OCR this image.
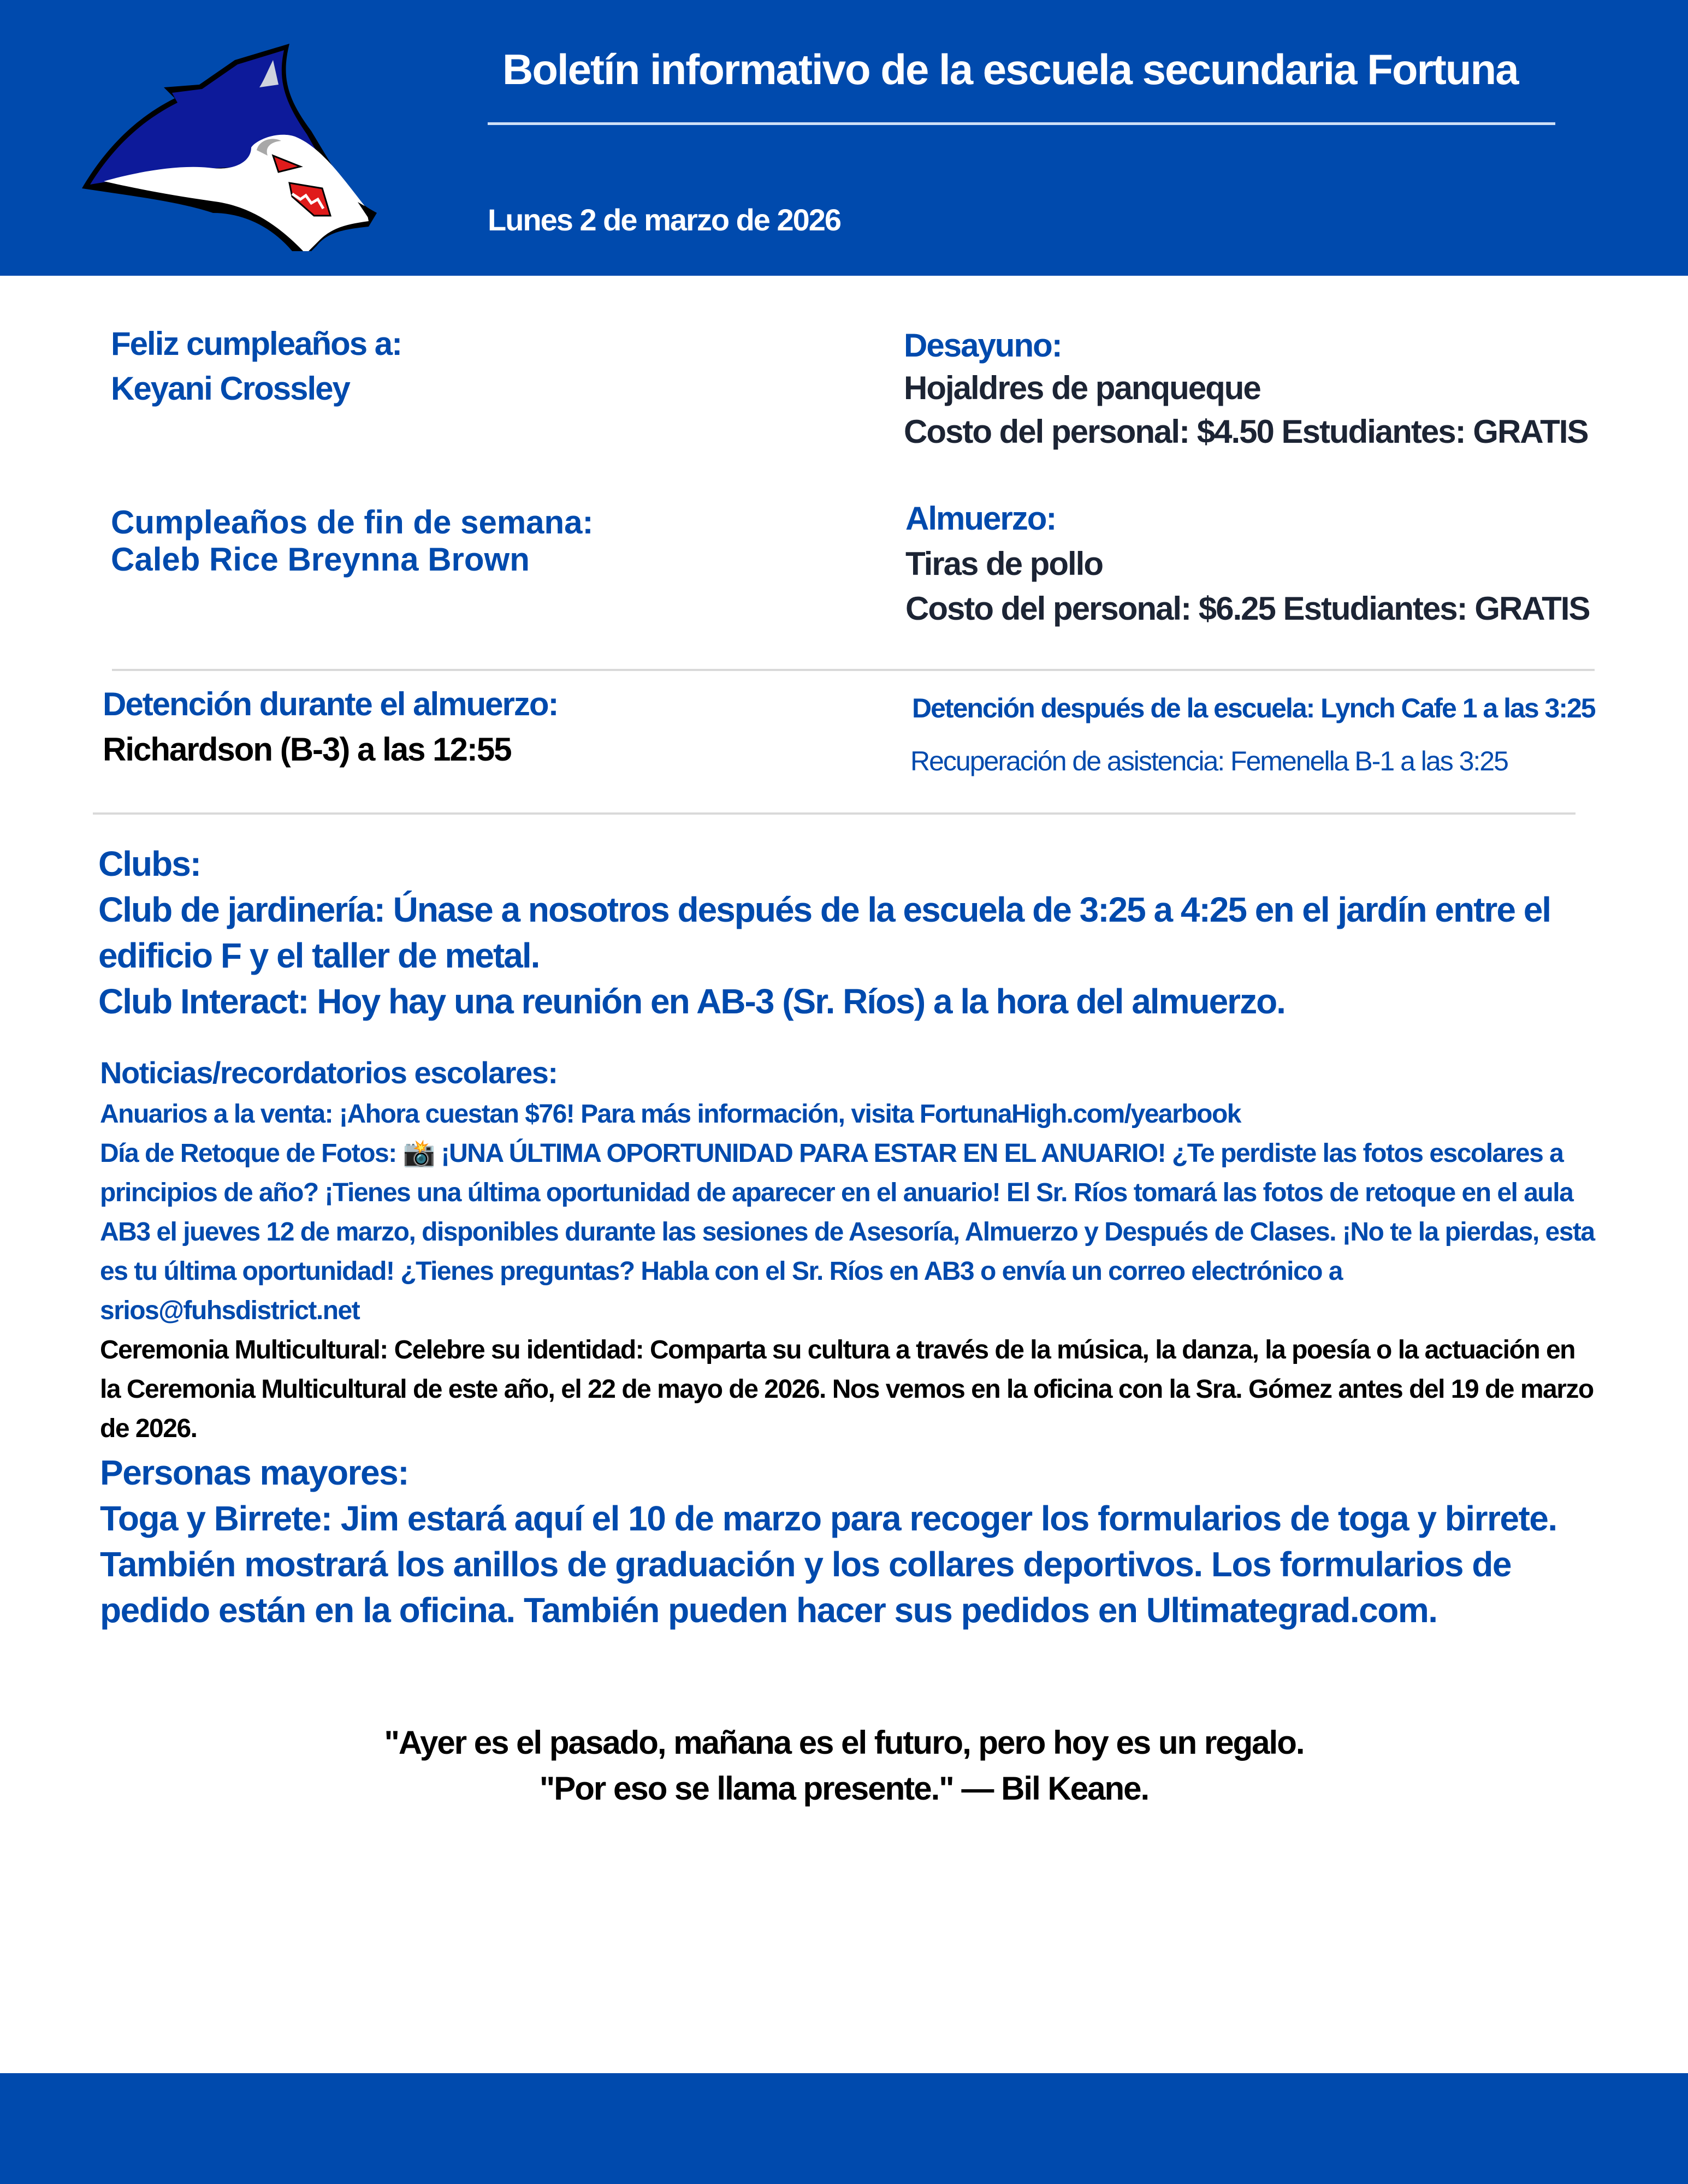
Boletín informativo de la escuela secundaria Fortuna
Lunes 2 de marzo de 2026
Feliz cumpleaños a:
Keyani Crossley
Cumpleaños de fin de semana:
Caleb Rice Breynna Brown
Desayuno:
Hojaldres de panqueque
Costo del personal: $4.50 Estudiantes: GRATIS
Almuerzo:
Tiras de pollo
Costo del personal: $6.25 Estudiantes: GRATIS
Detención durante el almuerzo:
Richardson (B-3) a las 12:55
Detención después de la escuela: Lynch Cafe 1 a las 3:25
Recuperación de asistencia: Femenella B-1 a las 3:25
Clubs:
Club de jardinería: Únase a nosotros después de la escuela de 3:25 a 4:25 en el jardín entre el edificio F y el taller de metal.
Club Interact: Hoy hay una reunión en AB-3 (Sr. Ríos) a la hora del almuerzo.
Noticias/recordatorios escolares:
Anuarios a la venta: ¡Ahora cuestan $76! Para más información, visita FortunaHigh.com/yearbook
Día de Retoque de Fotos: 📸 ¡UNA ÚLTIMA OPORTUNIDAD PARA ESTAR EN EL ANUARIO! ¿Te perdiste las fotos escolares a principios de año? ¡Tienes una última oportunidad de aparecer en el anuario! El Sr. Ríos tomará las fotos de retoque en el aula AB3 el jueves 12 de marzo, disponibles durante las sesiones de Asesoría, Almuerzo y Después de Clases. ¡No te la pierdas, esta es tu última oportunidad! ¿Tienes preguntas? Habla con el Sr. Ríos en AB3 o envía un correo electrónico a srios@fuhsdistrict.net
Ceremonia Multicultural: Celebre su identidad: Comparta su cultura a través de la música, la danza, la poesía o la actuación en la Ceremonia Multicultural de este año, el 22 de mayo de 2026. Nos vemos en la oficina con la Sra. Gómez antes del 19 de marzo de 2026.
Personas mayores:
Toga y Birrete: Jim estará aquí el 10 de marzo para recoger los formularios de toga y birrete. También mostrará los anillos de graduación y los collares deportivos. Los formularios de pedido están en la oficina. También pueden hacer sus pedidos en Ultimategrad.com.
"Ayer es el pasado, mañana es el futuro, pero hoy es un regalo.
"Por eso se llama presente." — Bil Keane.
